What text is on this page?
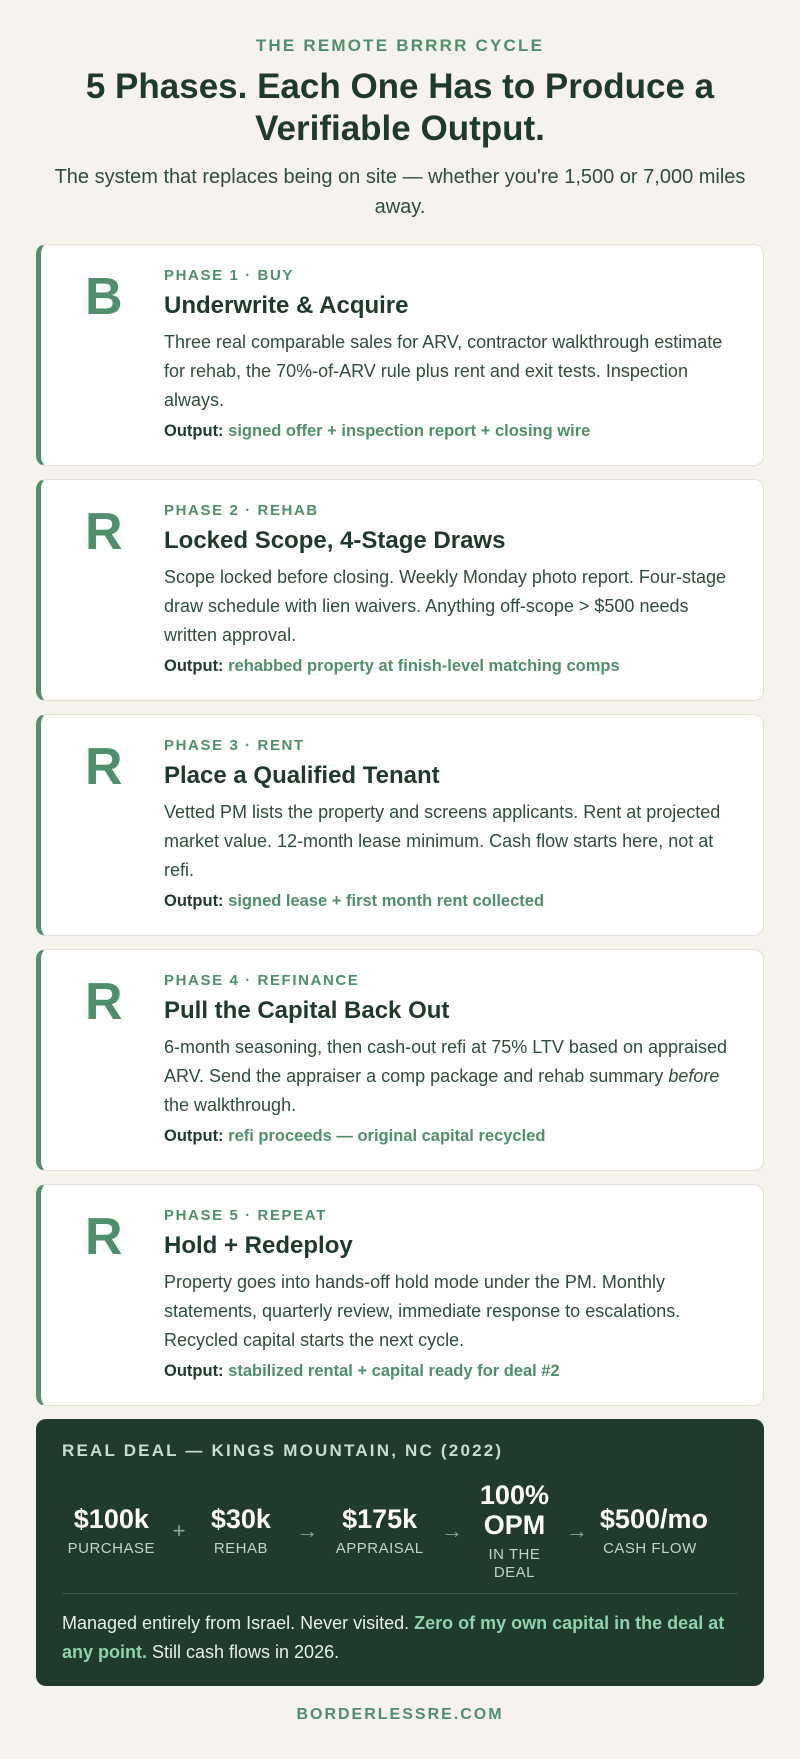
THE REMOTE BRRRR CYCLE
5 Phases. Each One Has to Produce a Verifiable Output.

The system that replaces being on site — whether you're 1,500 or 7,000 miles away.

B	PHASE 1 · BUY
Underwrite & Acquire
Three real comparable sales for ARV, contractor walkthrough estimate for rehab, the 70%-of-ARV rule plus rent and exit tests. Inspection always.
Output: signed offer + inspection report + closing wire
R	PHASE 2 · REHAB
Locked Scope, 4-Stage Draws
Scope locked before closing. Weekly Monday photo report. Four-stage draw schedule with lien waivers. Anything off-scope > $500 needs written approval.
Output: rehabbed property at finish-level matching comps
R	PHASE 3 · RENT
Place a Qualified Tenant
Vetted PM lists the property and screens applicants. Rent at projected market value. 12-month lease minimum. Cash flow starts here, not at refi.
Output: signed lease + first month rent collected
R	PHASE 4 · REFINANCE
Pull the Capital Back Out
6-month seasoning, then cash-out refi at 75% LTV based on appraised ARV. Send the appraiser a comp package and rehab summary before the walkthrough.
Output: refi proceeds — original capital recycled
R	PHASE 5 · REPEAT
Hold + Redeploy
Property goes into hands-off hold mode under the PM. Monthly statements, quarterly review, immediate response to escalations. Recycled capital starts the next cycle.
Output: stabilized rental + capital ready for deal #2
REAL DEAL — KINGS MOUNTAIN, NC (2022)
$100k
PURCHASE
+ $30k
REHAB
→ $175k
APPRAISAL
→
100%
OPM
IN THE
DEAL
→ $500/mo
CASH FLOW

Managed entirely from Israel. Never visited. Zero of my own capital in the deal at any point. Still cash flows in 2026.

BORDERLESSRE.COM
